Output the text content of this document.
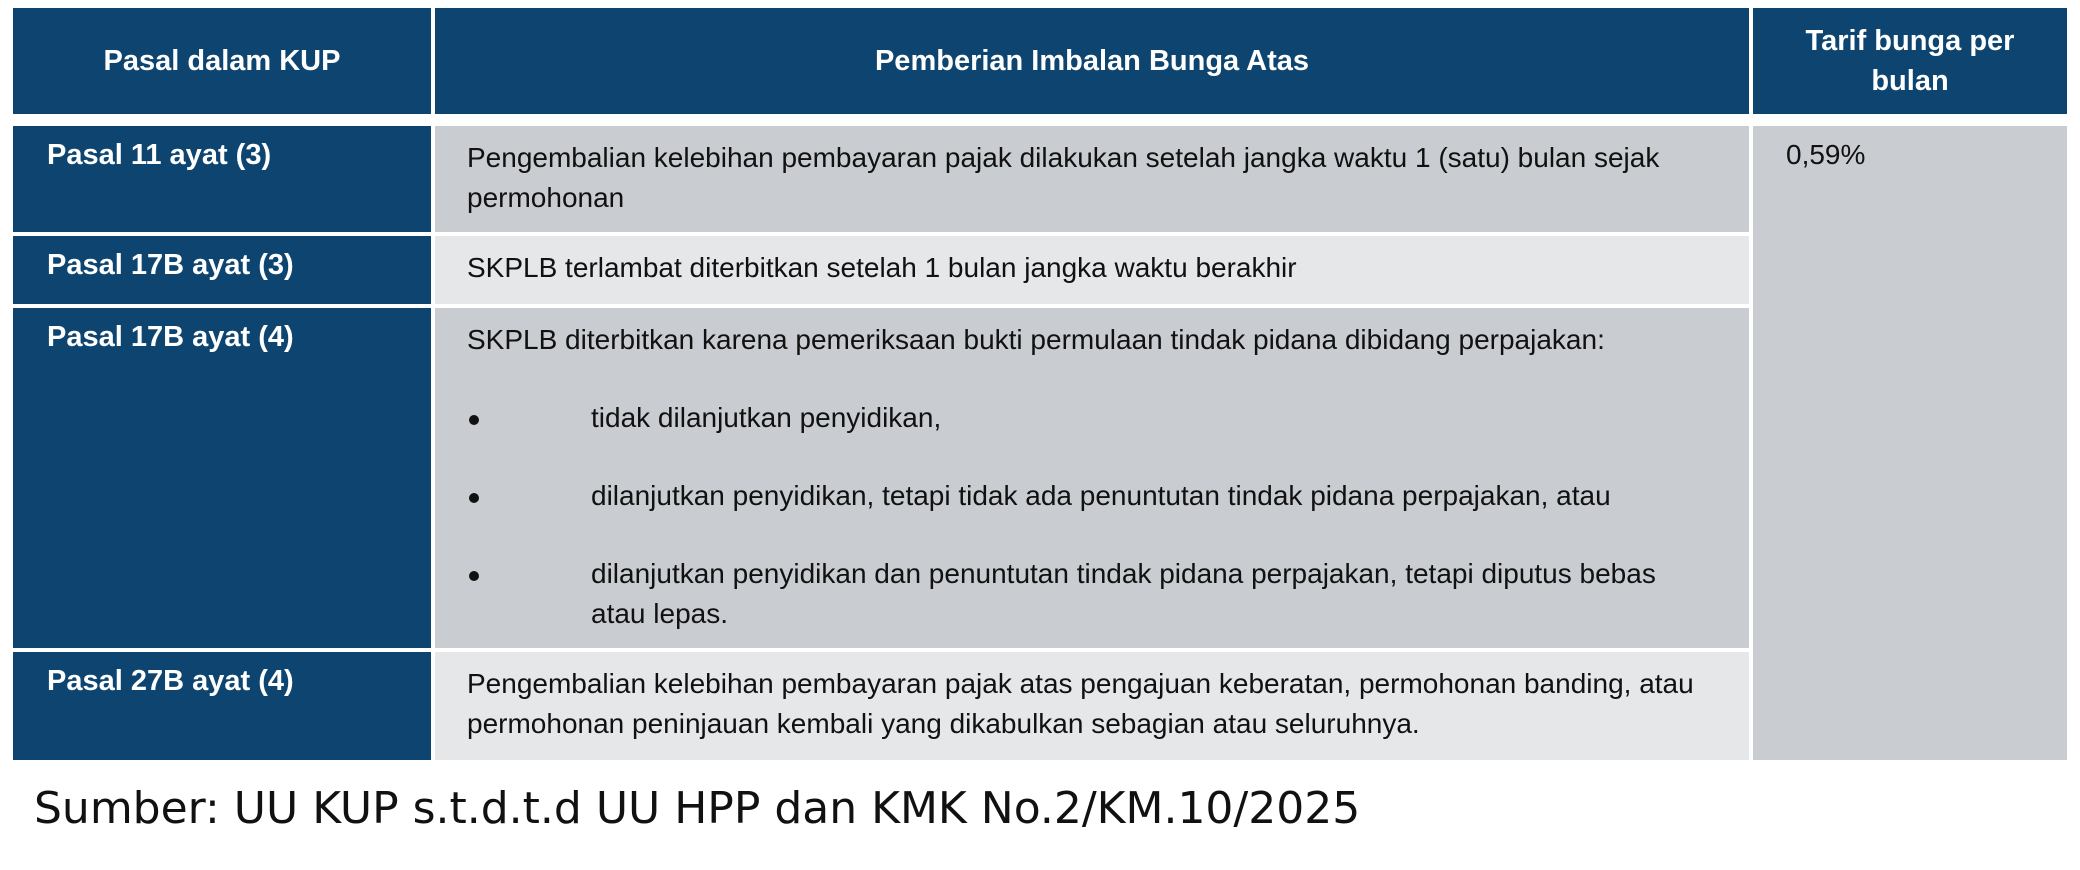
Pasal dalam KUP	Pemberian Imbalan Bunga Atas	Tarif bunga per bulan

Pasal 11 ayat (3)	Pengembalian kelebihan pembayaran pajak dilakukan setelah jangka waktu 1 (satu) bulan sejak permohonan	0,59%
Pasal 17B ayat (3)	SKPLB terlambat diterbitkan setelah 1 bulan jangka waktu berakhir	
Pasal 17B ayat (4)	SKPLB diterbitkan karena pemeriksaan bukti permulaan tindak pidana dibidang perpajakan:
tidak dilanjutkan penyidikan,
dilanjutkan penyidikan, tetapi tidak ada penuntutan tindak pidana perpajakan, atau
dilanjutkan penyidikan dan penuntutan tindak pidana perpajakan, tetapi diputus bebas atau lepas.	

Pasal 27B ayat (4)	Pengembalian kelebihan pembayaran pajak atas pengajuan keberatan, permohonan banding, atau permohonan peninjauan kembali yang dikabulkan sebagian atau seluruhnya.	
Sumber: UU KUP s.t.d.t.d UU HPP dan KMK No.2/KM.10/2025
